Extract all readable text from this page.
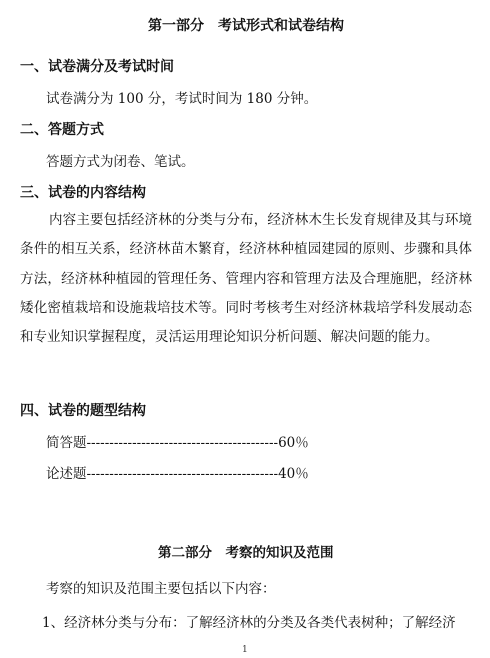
第一部分　考试形式和试卷结构
一、试卷满分及考试时间
试卷满分为 100 分，考试时间为 180 分钟。
二、答题方式
答题方式为闭卷、笔试。
三、试卷的内容结构
内容主要包括经济林的分类与分布，经济林木生长发育规律及其与环境条件的相互关系，经济林苗木繁育，经济林种植园建园的原则、步骤和具体方法，经济林种植园的管理任务、管理内容和管理方法及合理施肥，经济林矮化密植栽培和设施栽培技术等。同时考核考生对经济林栽培学科发展动态和专业知识掌握程度，灵活运用理论知识分析问题、解决问题的能力。
四、试卷的题型结构
简答题------------------------------------------60％
论述题------------------------------------------40％
第二部分　考察的知识及范围
考察的知识及范围主要包括以下内容：
1、经济林分类与分布：了解经济林的分类及各类代表树种；了解经济
1
